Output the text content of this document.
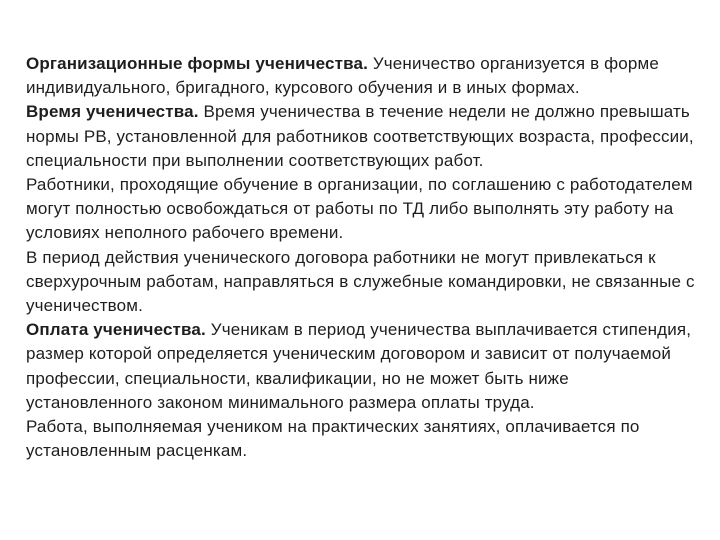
Организационные формы ученичества. Ученичество организуется в форме индивидуального, бригадного, курсового обучения и в иных формах.

Время ученичества. Время ученичества в течение недели не должно превышать нормы РВ, установленной для работников соответствующих возраста, профессии, специальности при выполнении соответствующих работ.

Работники, проходящие обучение в организации, по соглашению с работодателем могут полностью освобождаться от работы по ТД либо выполнять эту работу на условиях неполного рабочего времени.

В период действия ученического договора работники не могут привлекаться к сверхурочным работам, направляться в служебные командировки, не связанные с ученичеством.

Оплата ученичества. Ученикам в период ученичества выплачивается стипендия, размер которой определяется ученическим договором и зависит от получаемой профессии, специальности, квалификации, но не может быть ниже установленного законом минимального размера оплаты труда.

Работа, выполняемая учеником на практических занятиях, оплачивается по установленным расценкам.
